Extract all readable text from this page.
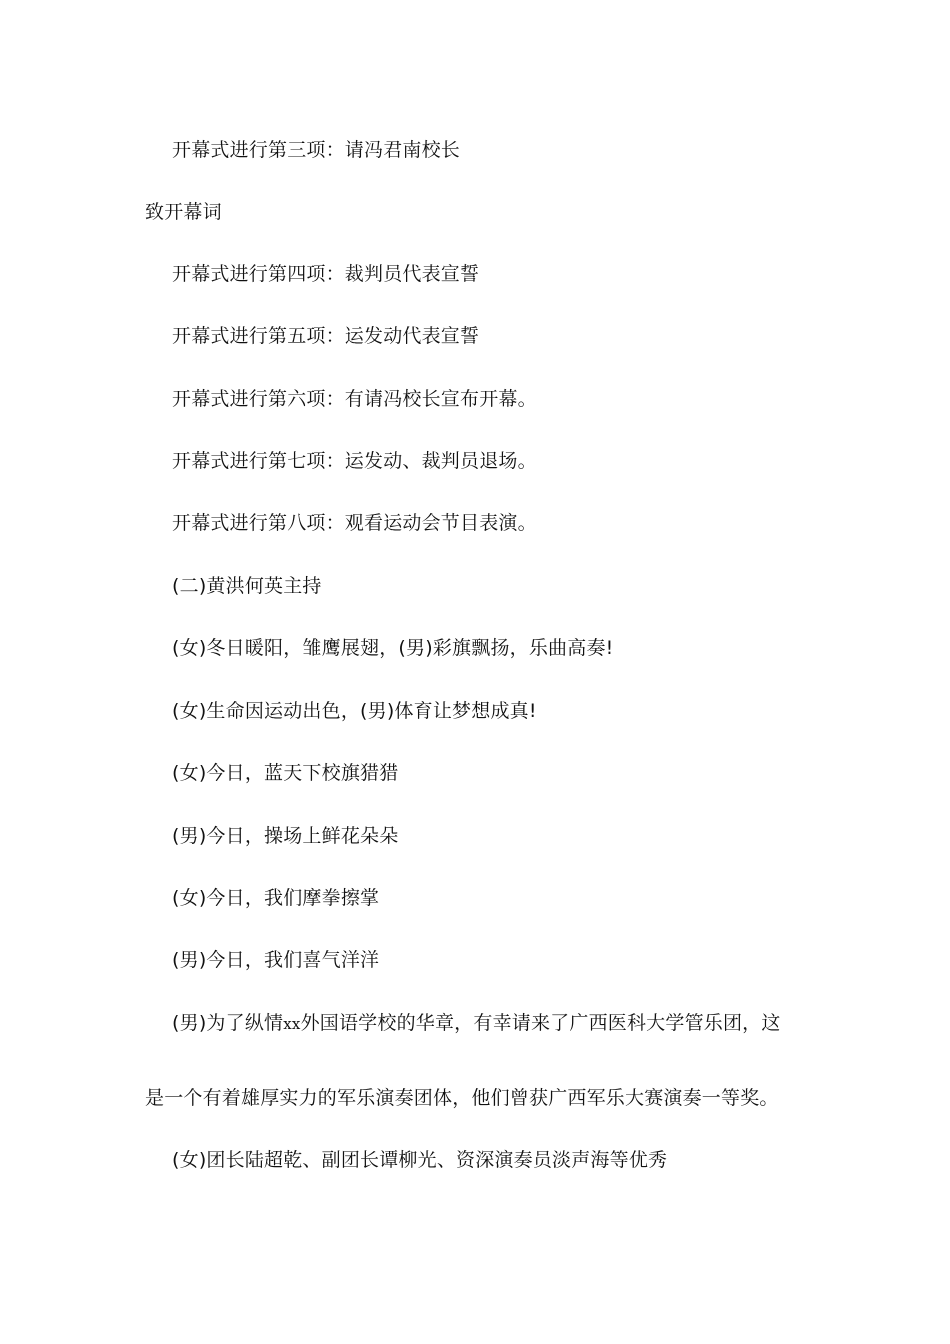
开幕式进行第三项：请冯君南校长
致开幕词
开幕式进行第四项：裁判员代表宣誓
开幕式进行第五项：运发动代表宣誓
开幕式进行第六项：有请冯校长宣布开幕。
开幕式进行第七项：运发动、裁判员退场。
开幕式进行第八项：观看运动会节目表演。
(二)黄洪何英主持
(女)冬日暖阳，雏鹰展翅，(男)彩旗飘扬，乐曲高奏!
(女)生命因运动出色，(男)体育让梦想成真!
(女)今日，蓝天下校旗猎猎
(男)今日，操场上鲜花朵朵
(女)今日，我们摩拳擦掌
(男)今日，我们喜气洋洋
(男)为了纵情xx外国语学校的华章，有幸请来了广西医科大学管乐团，这
是一个有着雄厚实力的军乐演奏团体，他们曾获广西军乐大赛演奏一等奖。
(女)团长陆超乾、副团长谭柳光、资深演奏员淡声海等优秀
